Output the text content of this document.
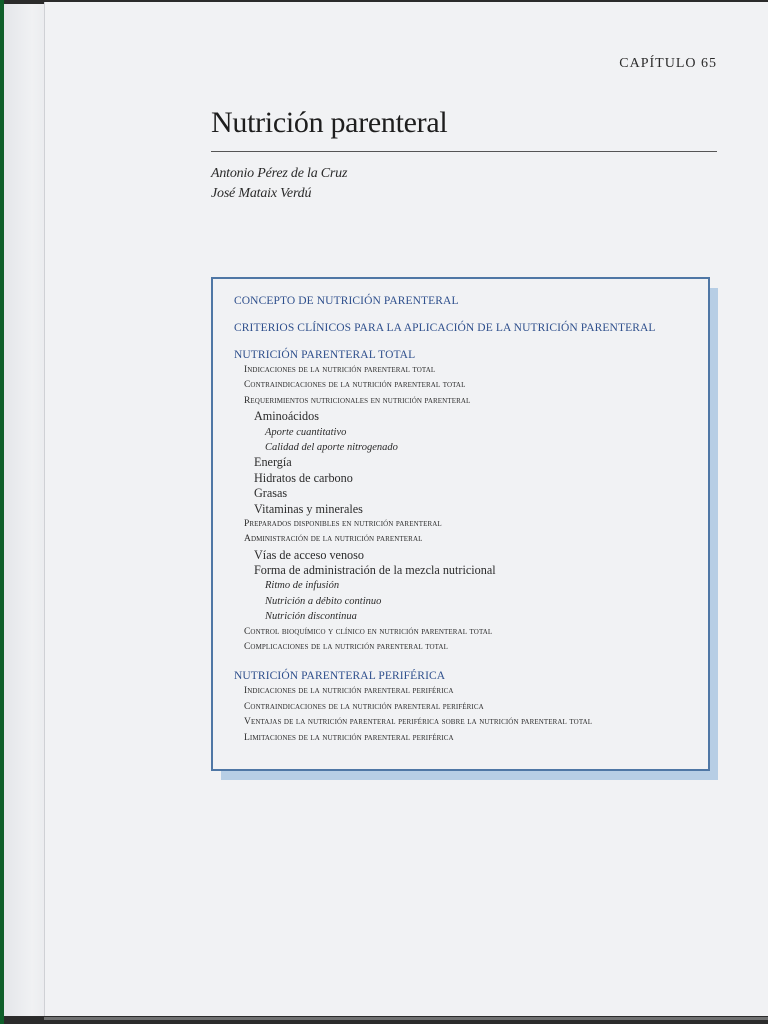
CAPÍTULO 65
Nutrición parenteral
Antonio Pérez de la Cruz
José Mataix Verdú
CONCEPTO DE NUTRICIÓN PARENTERAL
CRITERIOS CLÍNICOS PARA LA APLICACIÓN DE LA NUTRICIÓN PARENTERAL
NUTRICIÓN PARENTERAL TOTAL
Indicaciones de la nutrición parenteral total
Contraindicaciones de la nutrición parenteral total
Requerimientos nutricionales en nutrición parenteral
Aminoácidos
Aporte cuantitativo
Calidad del aporte nitrogenado
Energía
Hidratos de carbono
Grasas
Vitaminas y minerales
Preparados disponibles en nutrición parenteral
Administración de la nutrición parenteral
Vías de acceso venoso
Forma de administración de la mezcla nutricional
Ritmo de infusión
Nutrición a débito continuo
Nutrición discontinua
Control bioquímico y clínico en nutrición parenteral total
Complicaciones de la nutrición parenteral total
NUTRICIÓN PARENTERAL PERIFÉRICA
Indicaciones de la nutrición parenteral periférica
Contraindicaciones de la nutrición parenteral periférica
Ventajas de la nutrición parenteral periférica sobre la nutrición parenteral total
Limitaciones de la nutrición parenteral periférica
